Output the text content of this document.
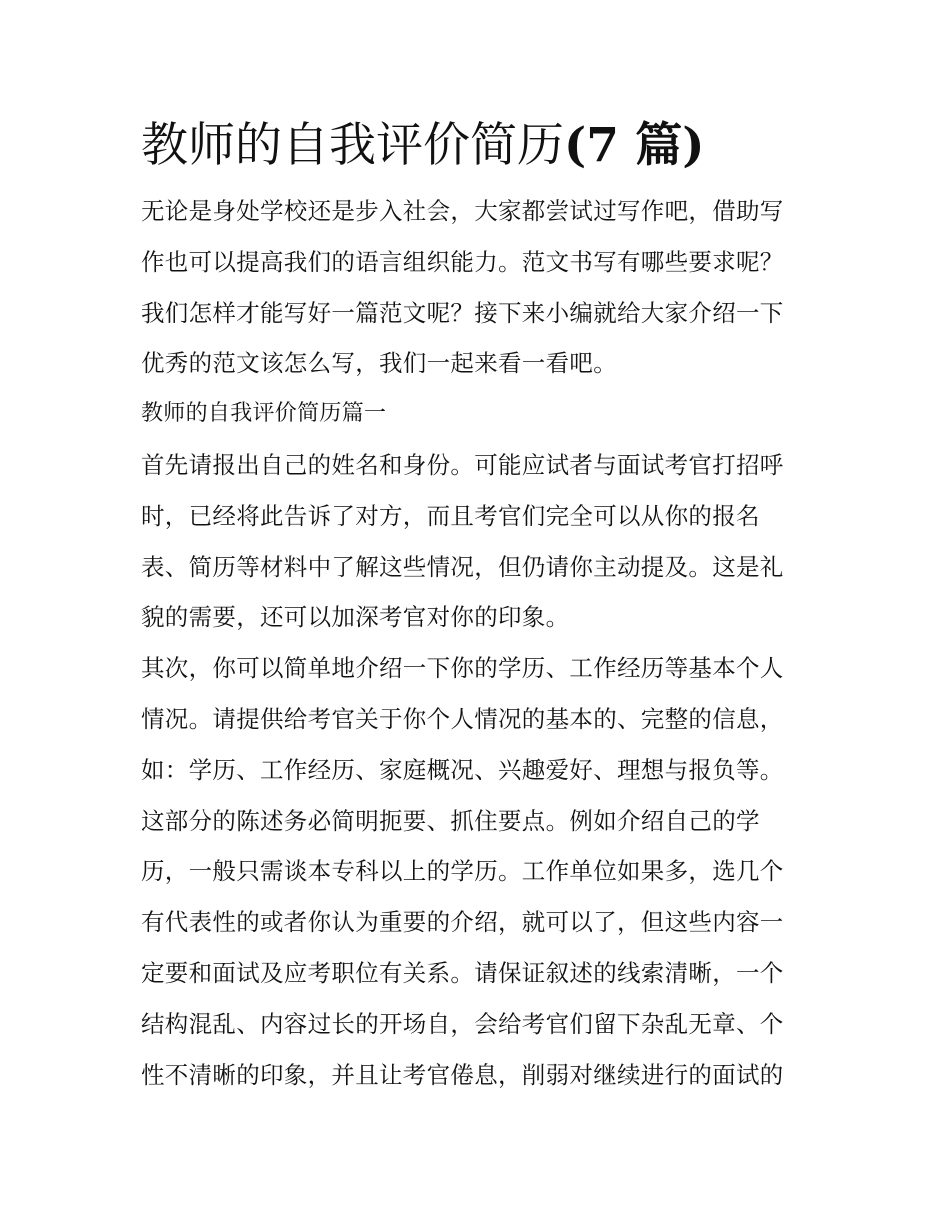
教师的自我评价简历(7 篇)

无论是身处学校还是步入社会，大家都尝试过写作吧，借助写

作也可以提高我们的语言组织能力。范文书写有哪些要求呢？

我们怎样才能写好一篇范文呢？接下来小编就给大家介绍一下

优秀的范文该怎么写，我们一起来看一看吧。

教师的自我评价简历篇一

首先请报出自己的姓名和身份。可能应试者与面试考官打招呼

时，已经将此告诉了对方，而且考官们完全可以从你的报名

表、简历等材料中了解这些情况，但仍请你主动提及。这是礼

貌的需要，还可以加深考官对你的印象。

其次，你可以简单地介绍一下你的学历、工作经历等基本个人

情况。请提供给考官关于你个人情况的基本的、完整的信息，

如：学历、工作经历、家庭概况、兴趣爱好、理想与报负等。

这部分的陈述务必简明扼要、抓住要点。例如介绍自己的学

历，一般只需谈本专科以上的学历。工作单位如果多，选几个

有代表性的或者你认为重要的介绍，就可以了，但这些内容一

定要和面试及应考职位有关系。请保证叙述的线索清晰，一个

结构混乱、内容过长的开场自，会给考官们留下杂乱无章、个

性不清晰的印象，并且让考官倦息，削弱对继续进行的面试的
